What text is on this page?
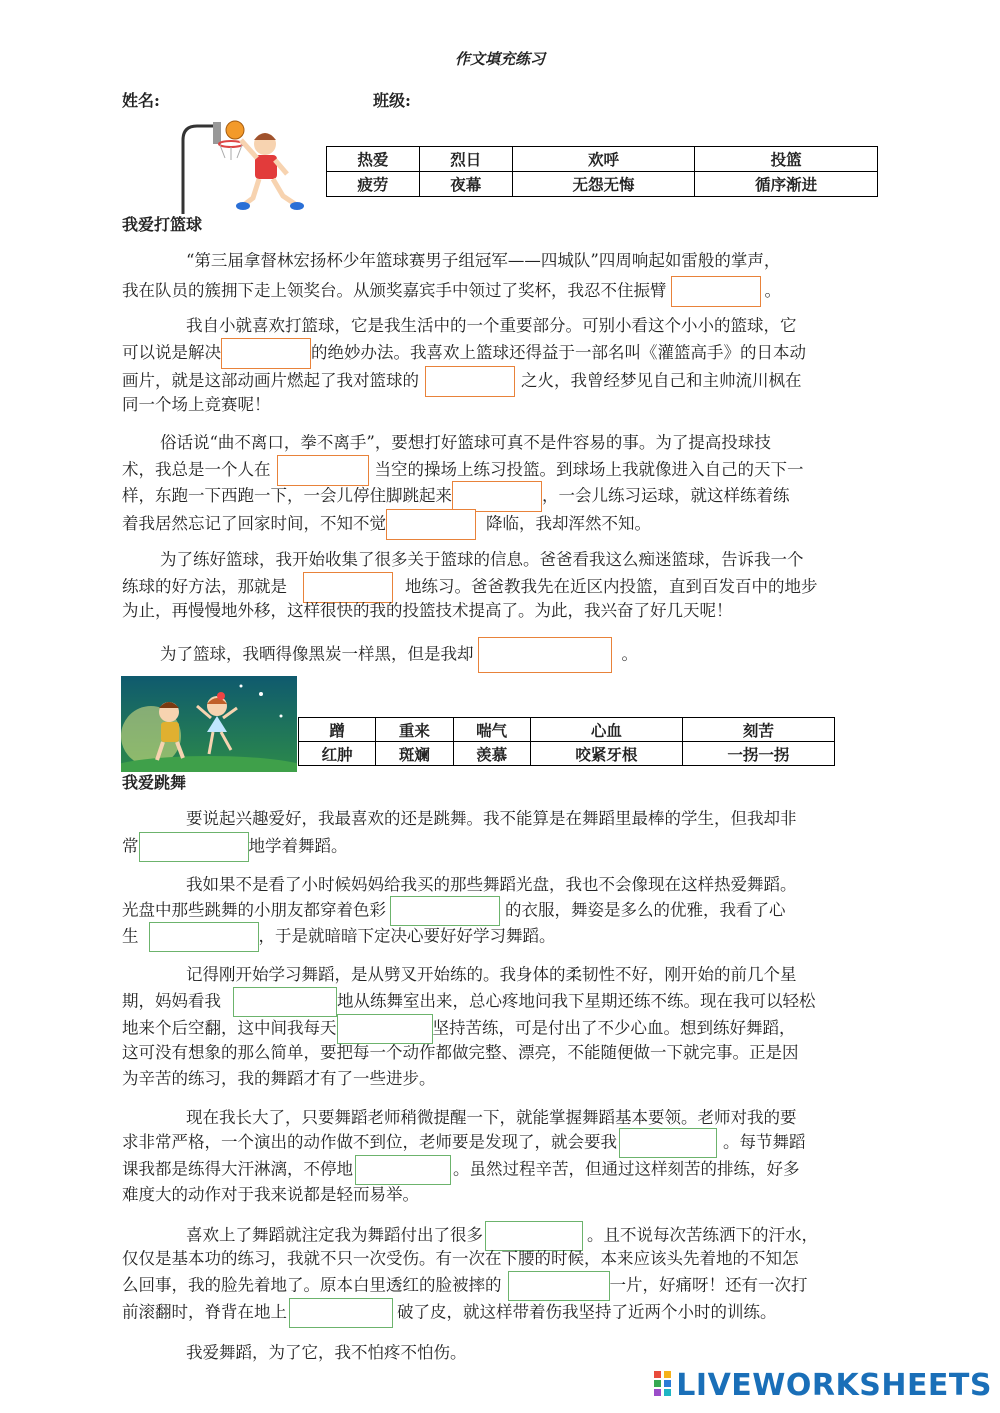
作文填充练习
姓名:	班级:
热爱	烈日	欢呼	投篮
疲劳	夜幕	无怨无悔	循序渐进
我爱打篮球
“第三届拿督林宏扬杯少年篮球赛男子组冠军——四城队”四周响起如雷般的掌声，
我在队员的簇拥下走上领奖台。从颁奖嘉宾手中领过了奖杯，我忍不住振臂	。
我自小就喜欢打篮球，它是我生活中的一个重要部分。可别小看这个小小的篮球，它
可以说是解决	的绝妙办法。我喜欢上篮球还得益于一部名叫《灌篮高手》的日本动
画片，就是这部动画片燃起了我对篮球的	之火，我曾经梦见自己和主帅流川枫在
同一个场上竞赛呢！
俗话说“曲不离口，拳不离手”，要想打好篮球可真不是件容易的事。为了提高投球技
术，我总是一个人在	当空的操场上练习投篮。到球场上我就像进入自己的天下一
样，东跑一下西跑一下，一会儿停住脚跳起来	，一会儿练习运球，就这样练着练
着我居然忘记了回家时间，不知不觉	降临，我却浑然不知。
为了练好篮球，我开始收集了很多关于篮球的信息。爸爸看我这么痴迷篮球，告诉我一个
练球的好方法，那就是	地练习。爸爸教我先在近区内投篮，直到百发百中的地步
为止，再慢慢地外移，这样很快的我的投篮技术提高了。为此，我兴奋了好几天呢！
为了篮球，我晒得像黑炭一样黑，但是我却	。
蹭	重来	喘气	心血	刻苦
红肿	斑斓	羡慕	咬紧牙根	一拐一拐
我爱跳舞
要说起兴趣爱好，我最喜欢的还是跳舞。我不能算是在舞蹈里最棒的学生，但我却非
常	地学着舞蹈。
我如果不是看了小时候妈妈给我买的那些舞蹈光盘，我也不会像现在这样热爱舞蹈。
光盘中那些跳舞的小朋友都穿着色彩	的衣服，舞姿是多么的优雅，我看了心
生	，于是就暗暗下定决心要好好学习舞蹈。
记得刚开始学习舞蹈，是从劈叉开始练的。我身体的柔韧性不好，刚开始的前几个星
期，妈妈看我	地从练舞室出来，总心疼地问我下星期还练不练。现在我可以轻松
地来个后空翻，这中间我每天	坚持苦练，可是付出了不少心血。想到练好舞蹈，
这可没有想象的那么简单，要把每一个动作都做完整、漂亮，不能随便做一下就完事。正是因
为辛苦的练习，我的舞蹈才有了一些进步。
现在我长大了，只要舞蹈老师稍微提醒一下，就能掌握舞蹈基本要领。老师对我的要
求非常严格，一个演出的动作做不到位，老师要是发现了，就会要我	。每节舞蹈
课我都是练得大汗淋漓，不停地	。虽然过程辛苦，但通过这样刻苦的排练，好多
难度大的动作对于我来说都是轻而易举。
喜欢上了舞蹈就注定我为舞蹈付出了很多	。且不说每次苦练洒下的汗水，
仅仅是基本功的练习，我就不只一次受伤。有一次在下腰的时候，本来应该头先着地的不知怎
么回事，我的脸先着地了。原本白里透红的脸被摔的	一片，好痛呀！还有一次打
前滚翻时，脊背在地上	破了皮，就这样带着伤我坚持了近两个小时的训练。
我爱舞蹈，为了它，我不怕疼不怕伤。
LIVEWORKSHEETS
